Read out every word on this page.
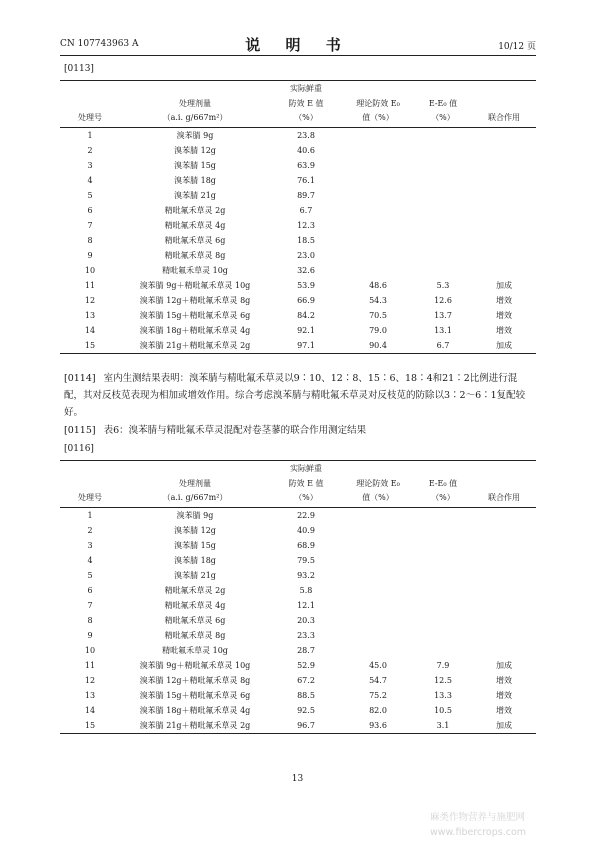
CN 107743963 A	说 明 书	10/12 页
[0113]
		实际鲜重			
	处理剂量	防效 E 值	理论防效 E₀	E-E₀ 值	
处理号	（a.i. g/667m²）	（%）	值（%）	（%）	联合作用
1	溴苯腈 9g	23.8			
2	溴苯腈 12g	40.6			
3	溴苯腈 15g	63.9			
4	溴苯腈 18g	76.1			
5	溴苯腈 21g	89.7			
6	精吡氟禾草灵 2g	6.7			
7	精吡氟禾草灵 4g	12.3			
8	精吡氟禾草灵 6g	18.5			
9	精吡氟禾草灵 8g	23.0			
10	精吡氟禾草灵 10g	32.6			
11	溴苯腈 9g＋精吡氟禾草灵 10g	53.9	48.6	5.3	加成
12	溴苯腈 12g＋精吡氟禾草灵 8g	66.9	54.3	12.6	增效
13	溴苯腈 15g＋精吡氟禾草灵 6g	84.2	70.5	13.7	增效
14	溴苯腈 18g＋精吡氟禾草灵 4g	92.1	79.0	13.1	增效
15	溴苯腈 21g＋精吡氟禾草灵 2g	97.1	90.4	6.7	加成
[0114] 室内生测结果表明：溴苯腈与精吡氟禾草灵以9∶10、12∶8、15∶6、18∶4和21∶2比例进行混配，其对反枝苋表现为相加或增效作用。综合考虑溴苯腈与精吡氟禾草灵对反枝苋的防除以3∶2～6∶1复配较好。
[0115] 表6：溴苯腈与精吡氟禾草灵混配对卷茎蓼的联合作用测定结果
[0116]
		实际鲜重			
	处理剂量	防效 E 值	理论防效 E₀	E-E₀ 值	
处理号	（a.i. g/667m²）	（%）	值（%）	（%）	联合作用
1	溴苯腈 9g	22.9			
2	溴苯腈 12g	40.9			
3	溴苯腈 15g	68.9			
4	溴苯腈 18g	79.5			
5	溴苯腈 21g	93.2			
6	精吡氟禾草灵 2g	5.8			
7	精吡氟禾草灵 4g	12.1			
8	精吡氟禾草灵 6g	20.3			
9	精吡氟禾草灵 8g	23.3			
10	精吡氟禾草灵 10g	28.7			
11	溴苯腈 9g＋精吡氟禾草灵 10g	52.9	45.0	7.9	加成
12	溴苯腈 12g＋精吡氟禾草灵 8g	67.2	54.7	12.5	增效
13	溴苯腈 15g＋精吡氟禾草灵 6g	88.5	75.2	13.3	增效
14	溴苯腈 18g＋精吡氟禾草灵 4g	92.5	82.0	10.5	增效
15	溴苯腈 21g＋精吡氟禾草灵 2g	96.7	93.6	3.1	加成
13
麻类作物营养与施肥网
www.fibercrops.com
